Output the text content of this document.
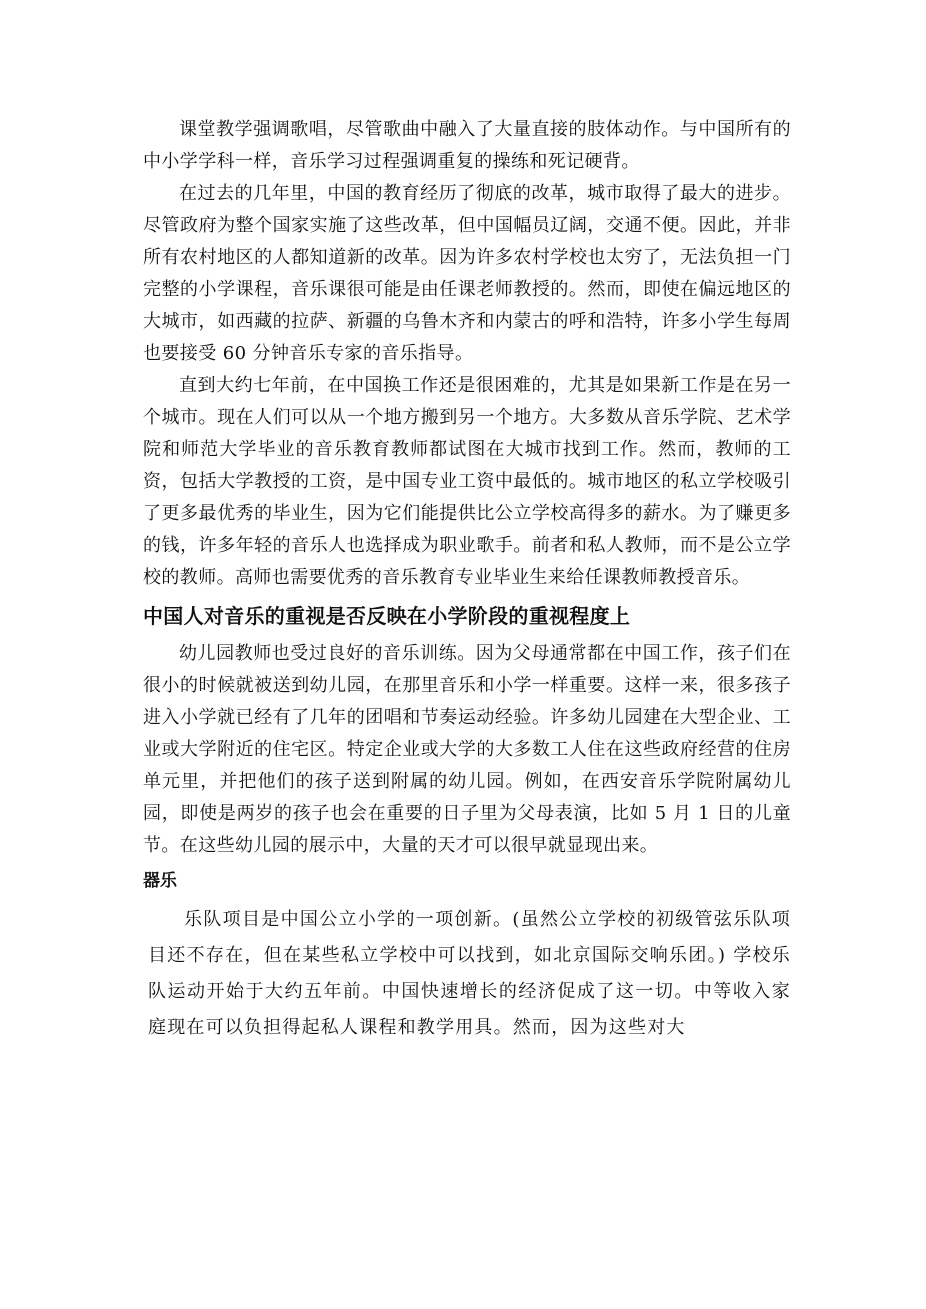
课堂教学强调歌唱，尽管歌曲中融入了大量直接的肢体动作。与中国所有的中小学学科一样，音乐学习过程强调重复的操练和死记硬背。

在过去的几年里，中国的教育经历了彻底的改革，城市取得了最大的进步。尽管政府为整个国家实施了这些改革，但中国幅员辽阔，交通不便。因此，并非所有农村地区的人都知道新的改革。因为许多农村学校也太穷了，无法负担一门完整的小学课程，音乐课很可能是由任课老师教授的。然而，即使在偏远地区的大城市，如西藏的拉萨、新疆的乌鲁木齐和内蒙古的呼和浩特，许多小学生每周也要接受 60 分钟音乐专家的音乐指导。

直到大约七年前，在中国换工作还是很困难的，尤其是如果新工作是在另一个城市。现在人们可以从一个地方搬到另一个地方。大多数从音乐学院、艺术学院和师范大学毕业的音乐教育教师都试图在大城市找到工作。然而，教师的工资，包括大学教授的工资，是中国专业工资中最低的。城市地区的私立学校吸引了更多最优秀的毕业生，因为它们能提供比公立学校高得多的薪水。为了赚更多的钱，许多年轻的音乐人也选择成为职业歌手。前者和私人教师，而不是公立学校的教师。高师也需要优秀的音乐教育专业毕业生来给任课教师教授音乐。

中国人对音乐的重视是否反映在小学阶段的重视程度上

幼儿园教师也受过良好的音乐训练。因为父母通常都在中国工作，孩子们在很小的时候就被送到幼儿园，在那里音乐和小学一样重要。这样一来，很多孩子进入小学就已经有了几年的团唱和节奏运动经验。许多幼儿园建在大型企业、工业或大学附近的住宅区。特定企业或大学的大多数工人住在这些政府经营的住房单元里，并把他们的孩子送到附属的幼儿园。例如，在西安音乐学院附属幼儿园，即使是两岁的孩子也会在重要的日子里为父母表演，比如 5 月 1 日的儿童节。在这些幼儿园的展示中，大量的天才可以很早就显现出来。

器乐

乐队项目是中国公立小学的一项创新。(虽然公立学校的初级管弦乐队项目还不存在，但在某些私立学校中可以找到，如北京国际交响乐团。) 学校乐队运动开始于大约五年前。中国快速增长的经济促成了这一切。中等收入家庭现在可以负担得起私人课程和教学用具。然而，因为这些对大
